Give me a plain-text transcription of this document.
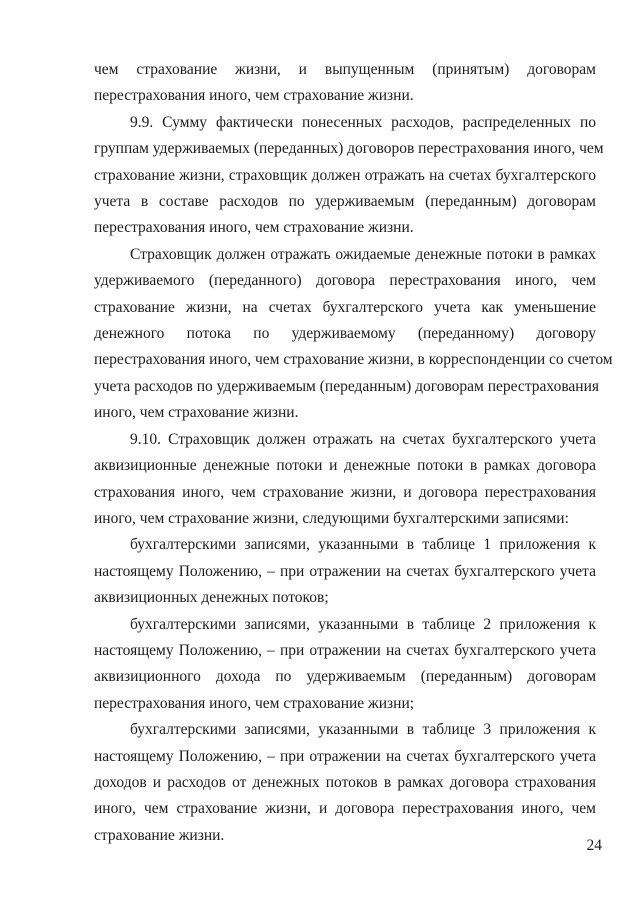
чем страхование жизни, и выпущенным (принятым) договорам
перестрахования иного, чем страхование жизни.

9.9. Сумму фактически понесенных расходов, распределенных по
группам удерживаемых (переданных) договоров перестрахования иного, чем
страхование жизни, страховщик должен отражать на счетах бухгалтерского
учета в составе расходов по удерживаемым (переданным) договорам
перестрахования иного, чем страхование жизни.

Страховщик должен отражать ожидаемые денежные потоки в рамках
удерживаемого (переданного) договора перестрахования иного, чем
страхование жизни, на счетах бухгалтерского учета как уменьшение
денежного потока по удерживаемому (переданному) договору
перестрахования иного, чем страхование жизни, в корреспонденции со счетом
учета расходов по удерживаемым (переданным) договорам перестрахования
иного, чем страхование жизни.

9.10. Страховщик должен отражать на счетах бухгалтерского учета
аквизиционные денежные потоки и денежные потоки в рамках договора
страхования иного, чем страхование жизни, и договора перестрахования
иного, чем страхование жизни, следующими бухгалтерскими записями:

бухгалтерскими записями, указанными в таблице 1 приложения к
настоящему Положению, – при отражении на счетах бухгалтерского учета
аквизиционных денежных потоков;

бухгалтерскими записями, указанными в таблице 2 приложения к
настоящему Положению, – при отражении на счетах бухгалтерского учета
аквизиционного дохода по удерживаемым (переданным) договорам
перестрахования иного, чем страхование жизни;

бухгалтерскими записями, указанными в таблице 3 приложения к
настоящему Положению, – при отражении на счетах бухгалтерского учета
доходов и расходов от денежных потоков в рамках договора страхования
иного, чем страхование жизни, и договора перестрахования иного, чем
страхование жизни.

24
